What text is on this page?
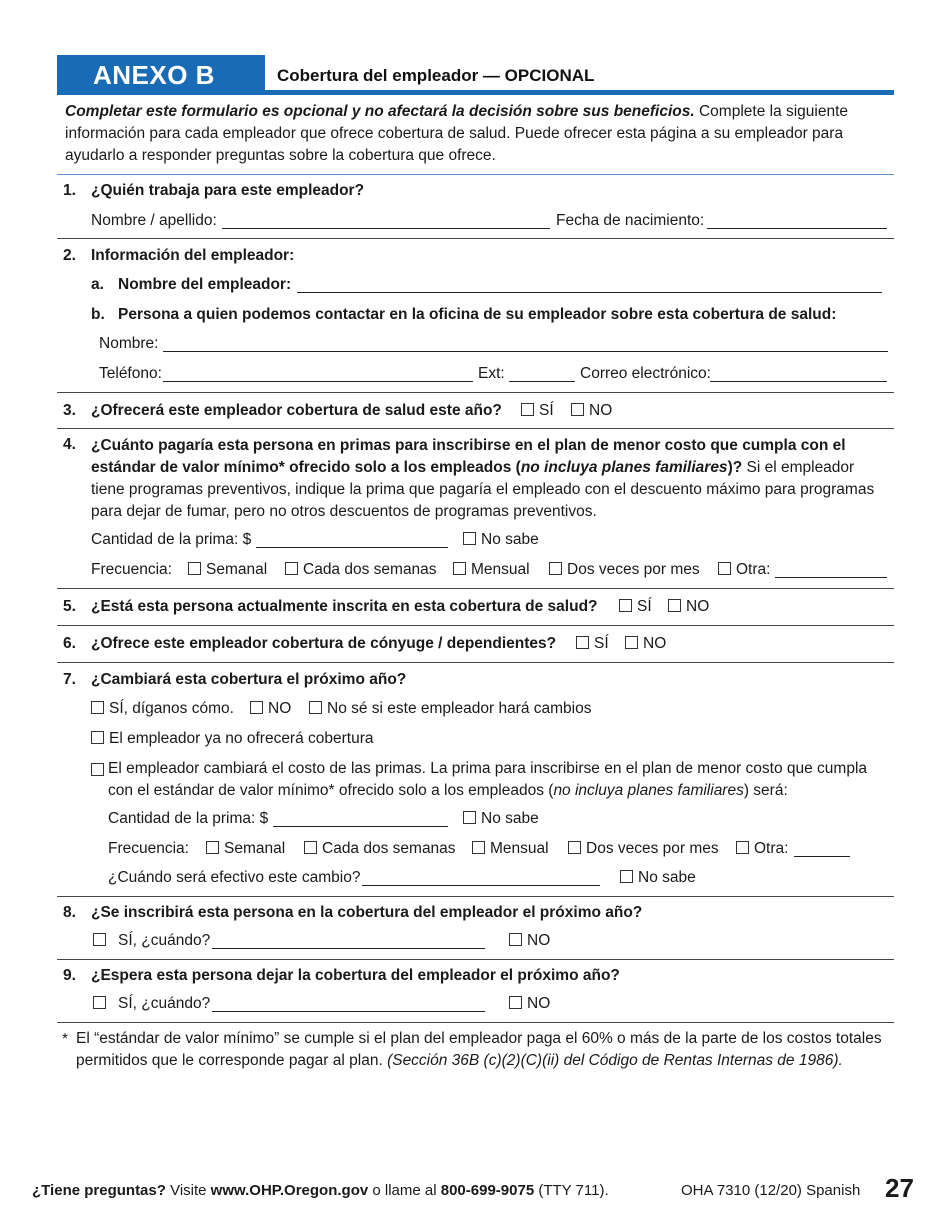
ANEXO B	Cobertura del empleador — OPCIONAL
Completar este formulario es opcional y no afectará la decisión sobre sus beneficios. Complete la siguiente información para cada empleador que ofrece cobertura de salud. Puede ofrecer esta página a su empleador para ayudarlo a responder preguntas sobre la cobertura que ofrece.
1. ¿Quién trabaja para este empleador?
Nombre / apellido:	Fecha de nacimiento:
2. Información del empleador:
a. Nombre del empleador:
b. Persona a quien podemos contactar en la oficina de su empleador sobre esta cobertura de salud:
Nombre:
Teléfono:	Ext:	Correo electrónico:
3. ¿Ofrecerá este empleador cobertura de salud este año?	SÍ	NO
4. ¿Cuánto pagaría esta persona en primas para inscribirse en el plan de menor costo que cumpla con el estándar de valor mínimo* ofrecido solo a los empleados (no incluya planes familiares)? Si el empleador tiene programas preventivos, indique la prima que pagaría el empleado con el descuento máximo para programas para dejar de fumar, pero no otros descuentos de programas preventivos.
Cantidad de la prima: $	No sabe
Frecuencia:	Semanal	Cada dos semanas	Mensual	Dos veces por mes	Otra:
5. ¿Está esta persona actualmente inscrita en esta cobertura de salud?	SÍ	NO
6. ¿Ofrece este empleador cobertura de cónyuge / dependientes?	SÍ	NO
7. ¿Cambiará esta cobertura el próximo año?
SÍ, díganos cómo.	NO	No sé si este empleador hará cambios
El empleador ya no ofrecerá cobertura
El empleador cambiará el costo de las primas. La prima para inscribirse en el plan de menor costo que cumpla con el estándar de valor mínimo* ofrecido solo a los empleados (no incluya planes familiares) será:
Cantidad de la prima: $	No sabe
Frecuencia:	Semanal	Cada dos semanas	Mensual	Dos veces por mes	Otra:
¿Cuándo será efectivo este cambio?	No sabe
8. ¿Se inscribirá esta persona en la cobertura del empleador el próximo año?
SÍ, ¿cuándo?	NO
9. ¿Espera esta persona dejar la cobertura del empleador el próximo año?
SÍ, ¿cuándo?	NO
* El “estándar de valor mínimo” se cumple si el plan del empleador paga el 60% o más de la parte de los costos totales permitidos que le corresponde pagar al plan. (Sección 36B (c)(2)(C)(ii) del Código de Rentas Internas de 1986).
¿Tiene preguntas? Visite www.OHP.Oregon.gov o llame al 800-699-9075 (TTY 711).	OHA 7310 (12/20) Spanish 27
